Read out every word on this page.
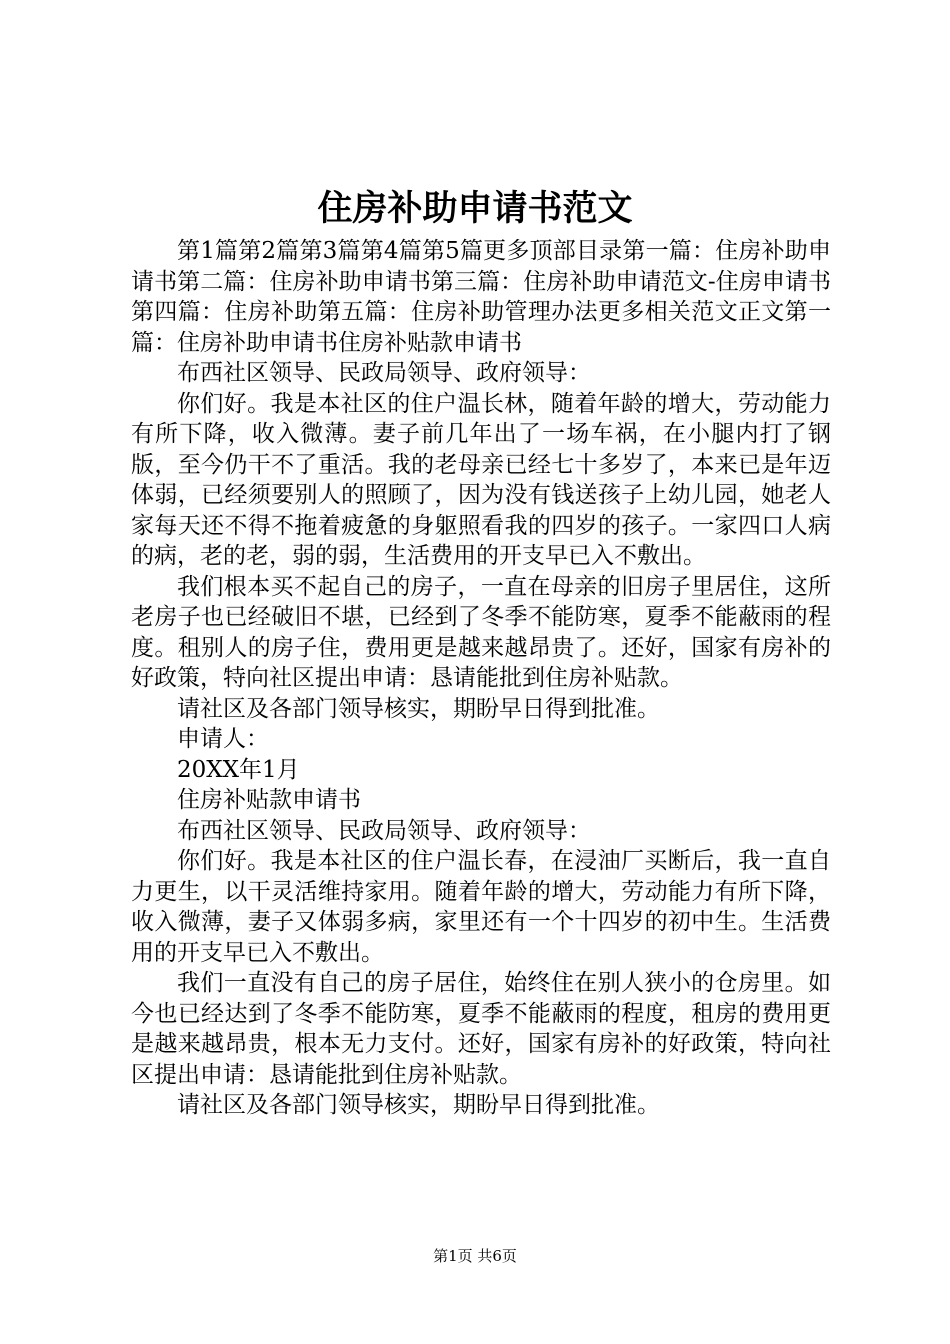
住房补助申请书范文

第1篇第2篇第3篇第4篇第5篇更多顶部目录第一篇：住房补助申请书第二篇：住房补助申请书第三篇：住房补助申请范文-住房申请书第四篇：住房补助第五篇：住房补助管理办法更多相关范文正文第一篇：住房补助申请书住房补贴款申请书

布西社区领导、民政局领导、政府领导：

你们好。我是本社区的住户温长林，随着年龄的增大，劳动能力有所下降，收入微薄。妻子前几年出了一场车祸，在小腿内打了钢版，至今仍干不了重活。我的老母亲已经七十多岁了，本来已是年迈体弱，已经须要别人的照顾了，因为没有钱送孩子上幼儿园，她老人家每天还不得不拖着疲惫的身躯照看我的四岁的孩子。一家四口人病的病，老的老，弱的弱，生活费用的开支早已入不敷出。

我们根本买不起自己的房子，一直在母亲的旧房子里居住，这所老房子也已经破旧不堪，已经到了冬季不能防寒，夏季不能蔽雨的程度。租别人的房子住，费用更是越来越昂贵了。还好，国家有房补的好政策，特向社区提出申请：恳请能批到住房补贴款。

请社区及各部门领导核实，期盼早日得到批准。

申请人：

20XX年1月

住房补贴款申请书

布西社区领导、民政局领导、政府领导：

你们好。我是本社区的住户温长春，在浸油厂买断后，我一直自力更生，以干灵活维持家用。随着年龄的增大，劳动能力有所下降，收入微薄，妻子又体弱多病，家里还有一个十四岁的初中生。生活费用的开支早已入不敷出。

我们一直没有自己的房子居住，始终住在别人狭小的仓房里。如今也已经达到了冬季不能防寒，夏季不能蔽雨的程度，租房的费用更是越来越昂贵，根本无力支付。还好，国家有房补的好政策，特向社区提出申请：恳请能批到住房补贴款。

请社区及各部门领导核实，期盼早日得到批准。

第1页 共6页
